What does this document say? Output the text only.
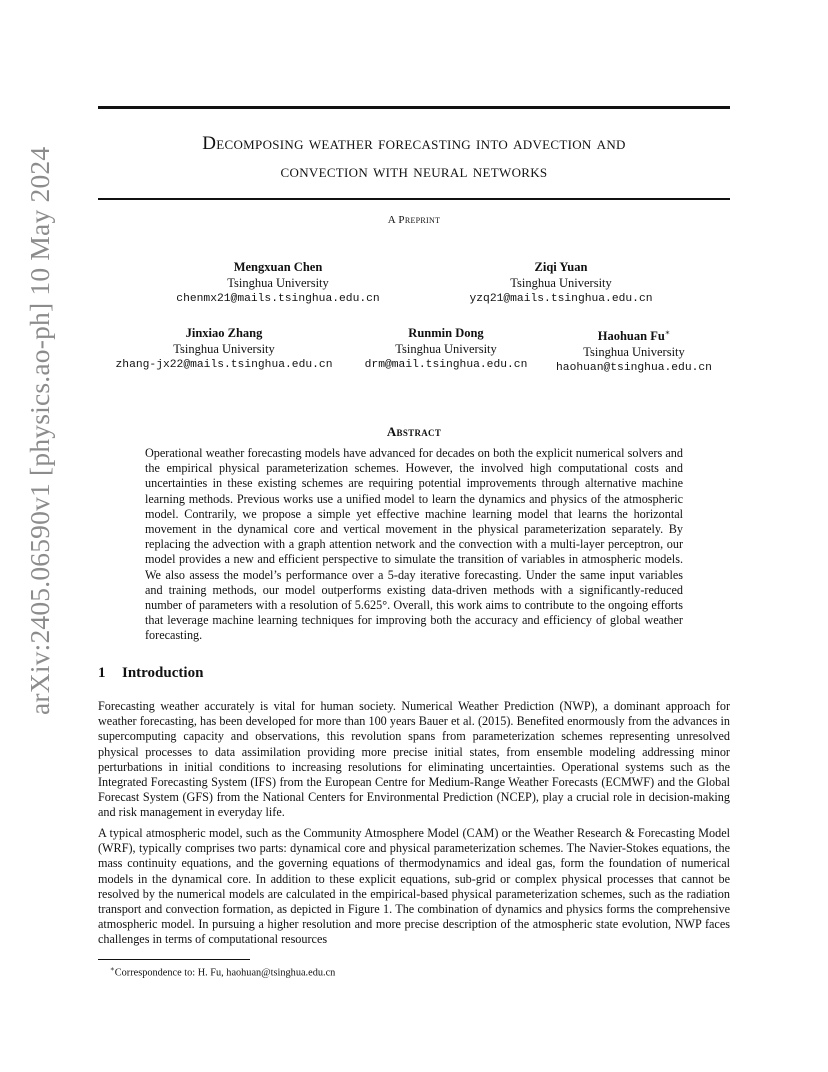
arXiv:2405.06590v1 [physics.ao-ph] 10 May 2024
Decomposing weather forecasting into advection and
convection with neural networks
A Preprint
Mengxuan Chen
Tsinghua University
chenmx21@mails.tsinghua.edu.cn
Ziqi Yuan
Tsinghua University
yzq21@mails.tsinghua.edu.cn
Jinxiao Zhang
Tsinghua University
zhang-jx22@mails.tsinghua.edu.cn
Runmin Dong
Tsinghua University
drm@mail.tsinghua.edu.cn
Haohuan Fu∗
Tsinghua University
haohuan@tsinghua.edu.cn
Abstract
Operational weather forecasting models have advanced for decades on both the explicit numerical solvers and the empirical physical parameterization schemes. However, the involved high computational costs and uncertainties in these existing schemes are requiring potential improvements through alternative machine learning methods. Previous works use a unified model to learn the dynamics and physics of the atmospheric model. Contrarily, we propose a simple yet effective machine learning model that learns the horizontal movement in the dynamical core and vertical movement in the physical parameterization separately. By replacing the advection with a graph attention network and the convection with a multi-layer perceptron, our model provides a new and efficient perspective to simulate the transition of variables in atmospheric models. We also assess the model’s performance over a 5-day iterative forecasting. Under the same input variables and training methods, our model outperforms existing data-driven methods with a significantly-reduced number of parameters with a resolution of 5.625°. Overall, this work aims to contribute to the ongoing efforts that leverage machine learning techniques for improving both the accuracy and efficiency of global weather forecasting.
1 Introduction
Forecasting weather accurately is vital for human society. Numerical Weather Prediction (NWP), a dominant approach for weather forecasting, has been developed for more than 100 years Bauer et al. (2015). Benefited enormously from the advances in supercomputing capacity and observations, this revolution spans from parameterization schemes representing unresolved physical processes to data assimilation providing more precise initial states, from ensemble modeling addressing minor perturbations in initial conditions to increasing resolutions for eliminating uncertainties. Operational systems such as the Integrated Forecasting System (IFS) from the European Centre for Medium-Range Weather Forecasts (ECMWF) and the Global Forecast System (GFS) from the National Centers for Environmental Prediction (NCEP), play a crucial role in decision-making and risk management in everyday life.
A typical atmospheric model, such as the Community Atmosphere Model (CAM) or the Weather Research & Forecasting Model (WRF), typically comprises two parts: dynamical core and physical parameterization schemes. The Navier-Stokes equations, the mass continuity equations, and the governing equations of thermodynamics and ideal gas, form the foundation of numerical models in the dynamical core. In addition to these explicit equations, sub-grid or complex physical processes that cannot be resolved by the numerical models are calculated in the empirical-based physical parameterization schemes, such as the radiation transport and convection formation, as depicted in Figure 1. The combination of dynamics and physics forms the comprehensive atmospheric model. In pursuing a higher resolution and more precise description of the atmospheric state evolution, NWP faces challenges in terms of computational resources
∗Correspondence to: H. Fu, haohuan@tsinghua.edu.cn
